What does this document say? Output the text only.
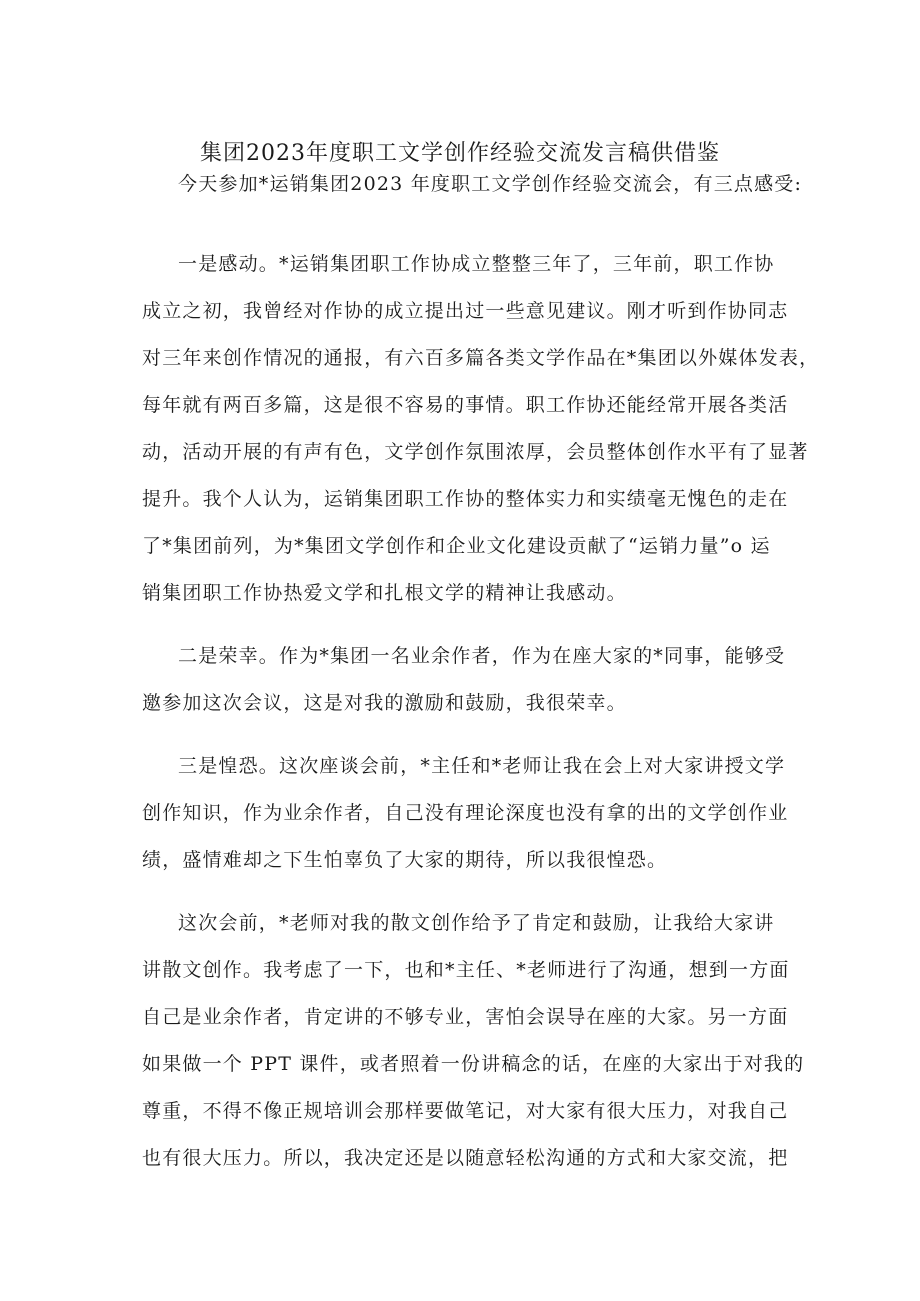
集团2023年度职工文学创作经验交流发言稿供借鉴
今天参加*运销集团2023 年度职工文学创作经验交流会，有三点感受:
一是感动。*运销集团职工作协成立整整三年了，三年前，职工作协
成立之初，我曾经对作协的成立提出过一些意见建议。刚才听到作协同志
对三年来创作情况的通报，有六百多篇各类文学作品在*集团以外媒体发表，
每年就有两百多篇，这是很不容易的事情。职工作协还能经常开展各类活
动，活动开展的有声有色，文学创作氛围浓厚，会员整体创作水平有了显著
提升。我个人认为，运销集团职工作协的整体实力和实绩毫无愧色的走在
了*集团前列，为*集团文学创作和企业文化建设贡献了“运销力量”o 运
销集团职工作协热爱文学和扎根文学的精神让我感动。
二是荣幸。作为*集团一名业余作者，作为在座大家的*同事，能够受
邀参加这次会议，这是对我的激励和鼓励，我很荣幸。
三是惶恐。这次座谈会前，*主任和*老师让我在会上对大家讲授文学
创作知识，作为业余作者，自己没有理论深度也没有拿的出的文学创作业
绩，盛情难却之下生怕辜负了大家的期待，所以我很惶恐。
这次会前，*老师对我的散文创作给予了肯定和鼓励，让我给大家讲
讲散文创作。我考虑了一下，也和*主任、*老师进行了沟通，想到一方面
自己是业余作者，肯定讲的不够专业，害怕会误导在座的大家。另一方面
如果做一个 PPT 课件，或者照着一份讲稿念的话，在座的大家出于对我的
尊重，不得不像正规培训会那样要做笔记，对大家有很大压力，对我自己
也有很大压力。所以，我决定还是以随意轻松沟通的方式和大家交流，把
